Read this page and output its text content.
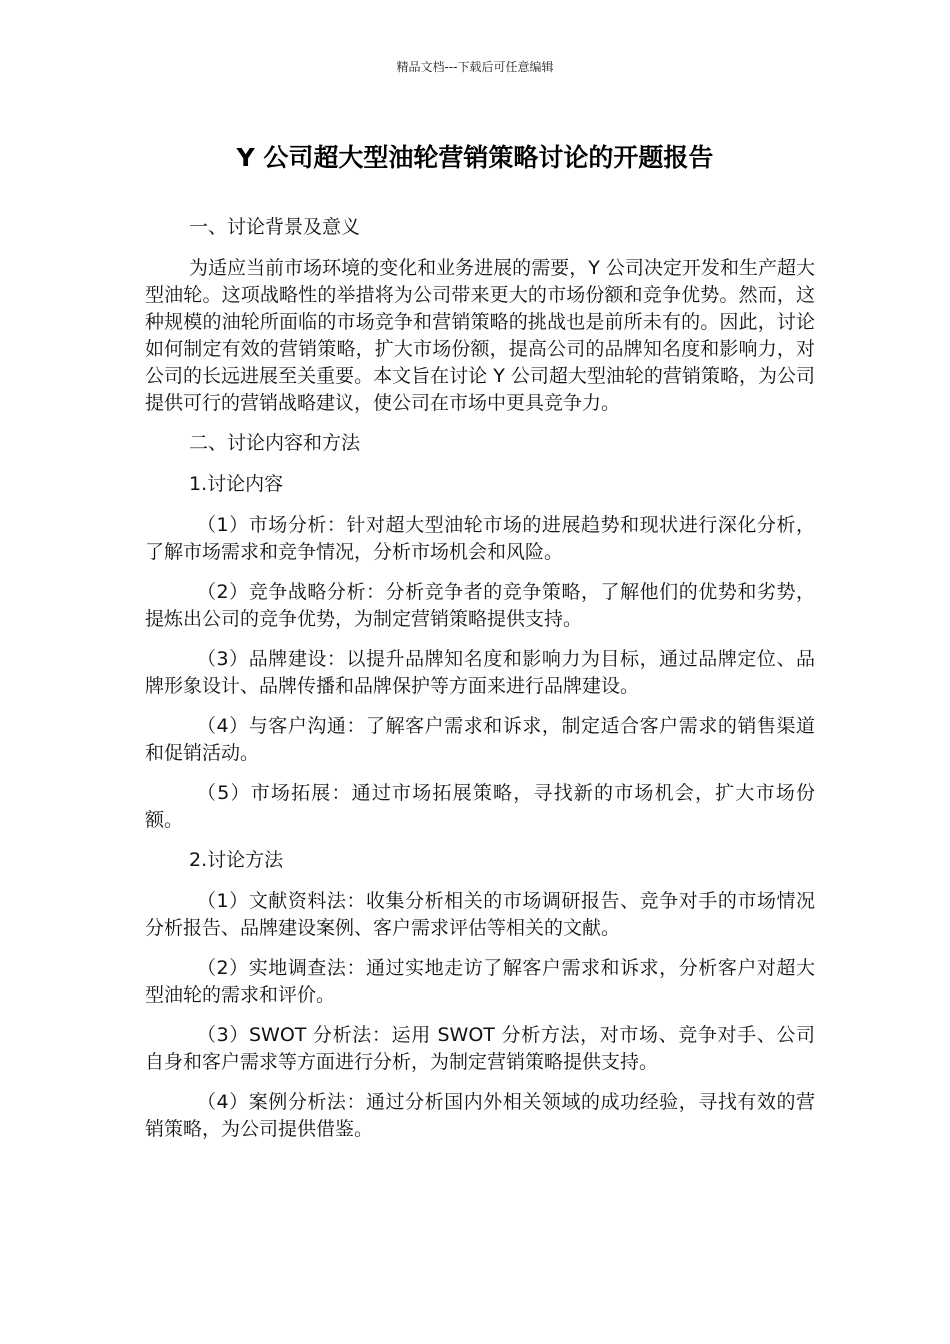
精品文档---下载后可任意编辑
Y 公司超大型油轮营销策略讨论的开题报告

一、讨论背景及意义

为适应当前市场环境的变化和业务进展的需要，Y 公司决定开发和生产超大型油轮。这项战略性的举措将为公司带来更大的市场份额和竞争优势。然而，这种规模的油轮所面临的市场竞争和营销策略的挑战也是前所未有的。因此，讨论如何制定有效的营销策略，扩大市场份额，提高公司的品牌知名度和影响力，对公司的长远进展至关重要。本文旨在讨论 Y 公司超大型油轮的营销策略，为公司提供可行的营销战略建议，使公司在市场中更具竞争力。

二、讨论内容和方法

1.讨论内容

（1）市场分析：针对超大型油轮市场的进展趋势和现状进行深化分析，了解市场需求和竞争情况，分析市场机会和风险。

（2）竞争战略分析：分析竞争者的竞争策略，了解他们的优势和劣势，提炼出公司的竞争优势，为制定营销策略提供支持。

（3）品牌建设：以提升品牌知名度和影响力为目标，通过品牌定位、品牌形象设计、品牌传播和品牌保护等方面来进行品牌建设。

（4）与客户沟通：了解客户需求和诉求，制定适合客户需求的销售渠道和促销活动。

（5）市场拓展：通过市场拓展策略，寻找新的市场机会，扩大市场份额。

2.讨论方法

（1）文献资料法：收集分析相关的市场调研报告、竞争对手的市场情况分析报告、品牌建设案例、客户需求评估等相关的文献。

（2）实地调查法：通过实地走访了解客户需求和诉求，分析客户对超大型油轮的需求和评价。

（3）SWOT 分析法：运用 SWOT 分析方法，对市场、竞争对手、公司自身和客户需求等方面进行分析，为制定营销策略提供支持。

（4）案例分析法：通过分析国内外相关领域的成功经验，寻找有效的营销策略，为公司提供借鉴。
